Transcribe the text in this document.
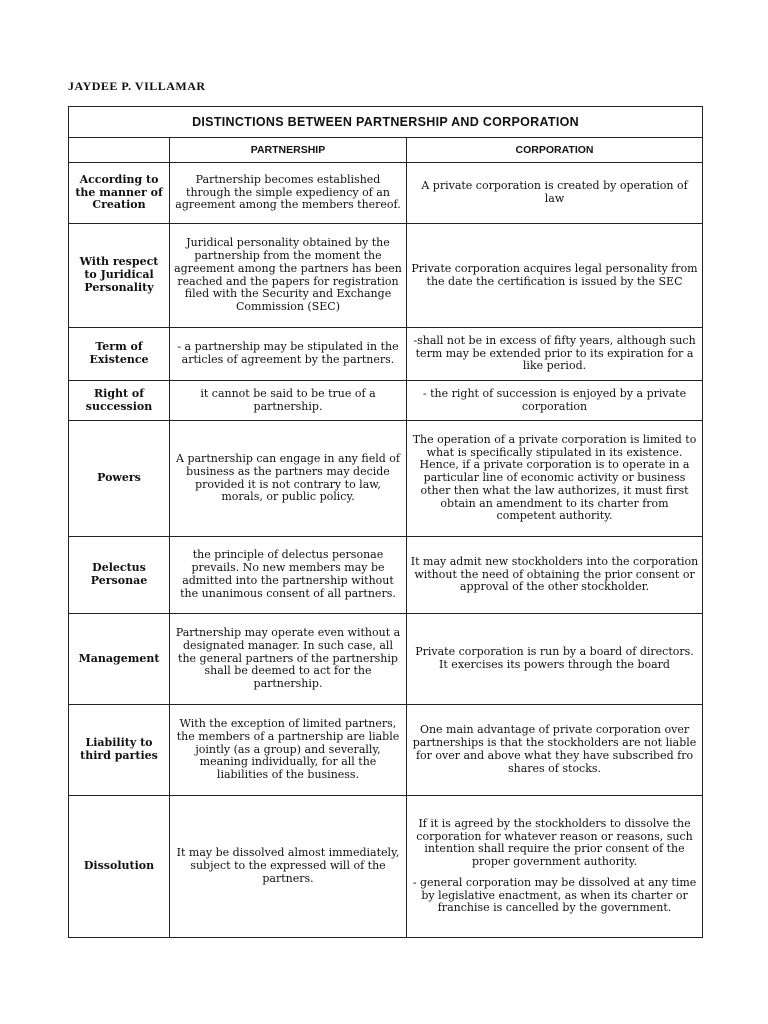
JAYDEE P. VILLAMAR
DISTINCTIONS BETWEEN PARTNERSHIP AND CORPORATION		
	PARTNERSHIP	CORPORATION
According to the manner of Creation	Partnership becomes established through the simple expediency of an agreement among the members thereof.	A private corporation is created by operation of law
With respect to Juridical Personality	Juridical personality obtained by the partnership from the moment the agreement among the partners has been reached and the papers for registration filed with the Security and Exchange Commission (SEC)	Private corporation acquires legal personality from the date the certification is issued by the SEC
Term of Existence	- a partnership may be stipulated in the articles of agreement by the partners.	-shall not be in excess of fifty years, although such term may be extended prior to its expiration for a like period.
Right of succession	it cannot be said to be true of a partnership.	- the right of succession is enjoyed by a private corporation
Powers	A partnership can engage in any field of business as the partners may decide provided it is not contrary to law, morals, or public policy.	The operation of a private corporation is limited to what is specifically stipulated in its existence. Hence, if a private corporation is to operate in a particular line of economic activity or business other then what the law authorizes, it must first obtain an amendment to its charter from competent authority.
Delectus Personae	the principle of delectus personae prevails. No new members may be admitted into the partnership without the unanimous consent of all partners.	It may admit new stockholders into the corporation without the need of obtaining the prior consent or approval of the other stockholder.
Management	Partnership may operate even without a designated manager. In such case, all the general partners of the partnership shall be deemed to act for the partnership.	Private corporation is run by a board of directors. It exercises its powers through the board
Liability to third parties	With the exception of limited partners, the members of a partnership are liable jointly (as a group) and severally, meaning individually, for all the liabilities of the business.	One main advantage of private corporation over partnerships is that the stockholders are not liable for over and above what they have subscribed fro shares of stocks.
Dissolution	It may be dissolved almost immediately, subject to the expressed will of the partners.	If it is agreed by the stockholders to dissolve the corporation for whatever reason or reasons, such intention shall require the prior consent of the proper government authority.
- general corporation may be dissolved at any time by legislative enactment, as when its charter or franchise is cancelled by the government.
